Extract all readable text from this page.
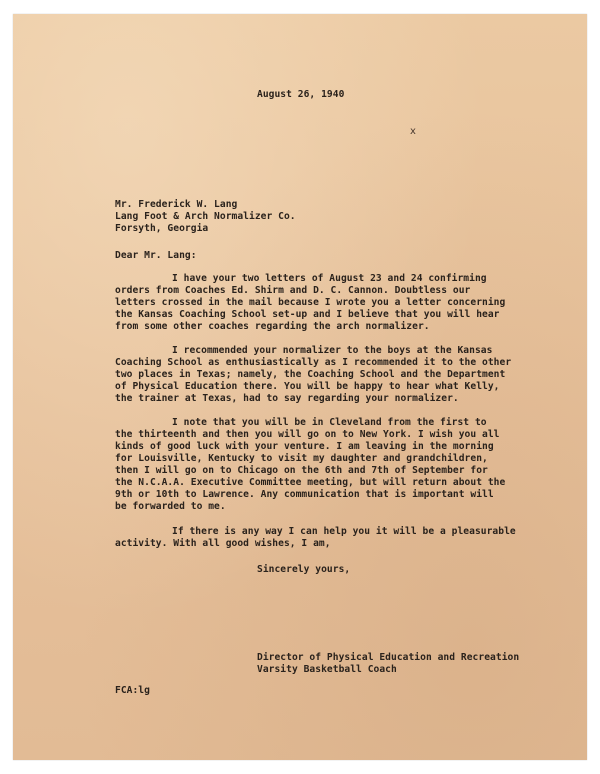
August 26, 1940
x
Mr. Frederick W. Lang
Lang Foot & Arch Normalizer Co.
Forsyth, Georgia
Dear Mr. Lang:
I have your two letters of August 23 and 24 confirming
orders from Coaches Ed. Shirm and D. C. Cannon. Doubtless our
letters crossed in the mail because I wrote you a letter concerning
the Kansas Coaching School set-up and I believe that you will hear
from some other coaches regarding the arch normalizer.
I recommended your normalizer to the boys at the Kansas
Coaching School as enthusiastically as I recommended it to the other
two places in Texas; namely, the Coaching School and the Department
of Physical Education there. You will be happy to hear what Kelly,
the trainer at Texas, had to say regarding your normalizer.
I note that you will be in Cleveland from the first to
the thirteenth and then you will go on to New York. I wish you all
kinds of good luck with your venture. I am leaving in the morning
for Louisville, Kentucky to visit my daughter and grandchildren,
then I will go on to Chicago on the 6th and 7th of September for
the N.C.A.A. Executive Committee meeting, but will return about the
9th or 10th to Lawrence. Any communication that is important will
be forwarded to me.
If there is any way I can help you it will be a pleasurable
activity. With all good wishes, I am,
Sincerely yours,
Director of Physical Education and Recreation
Varsity Basketball Coach
FCA:lg
